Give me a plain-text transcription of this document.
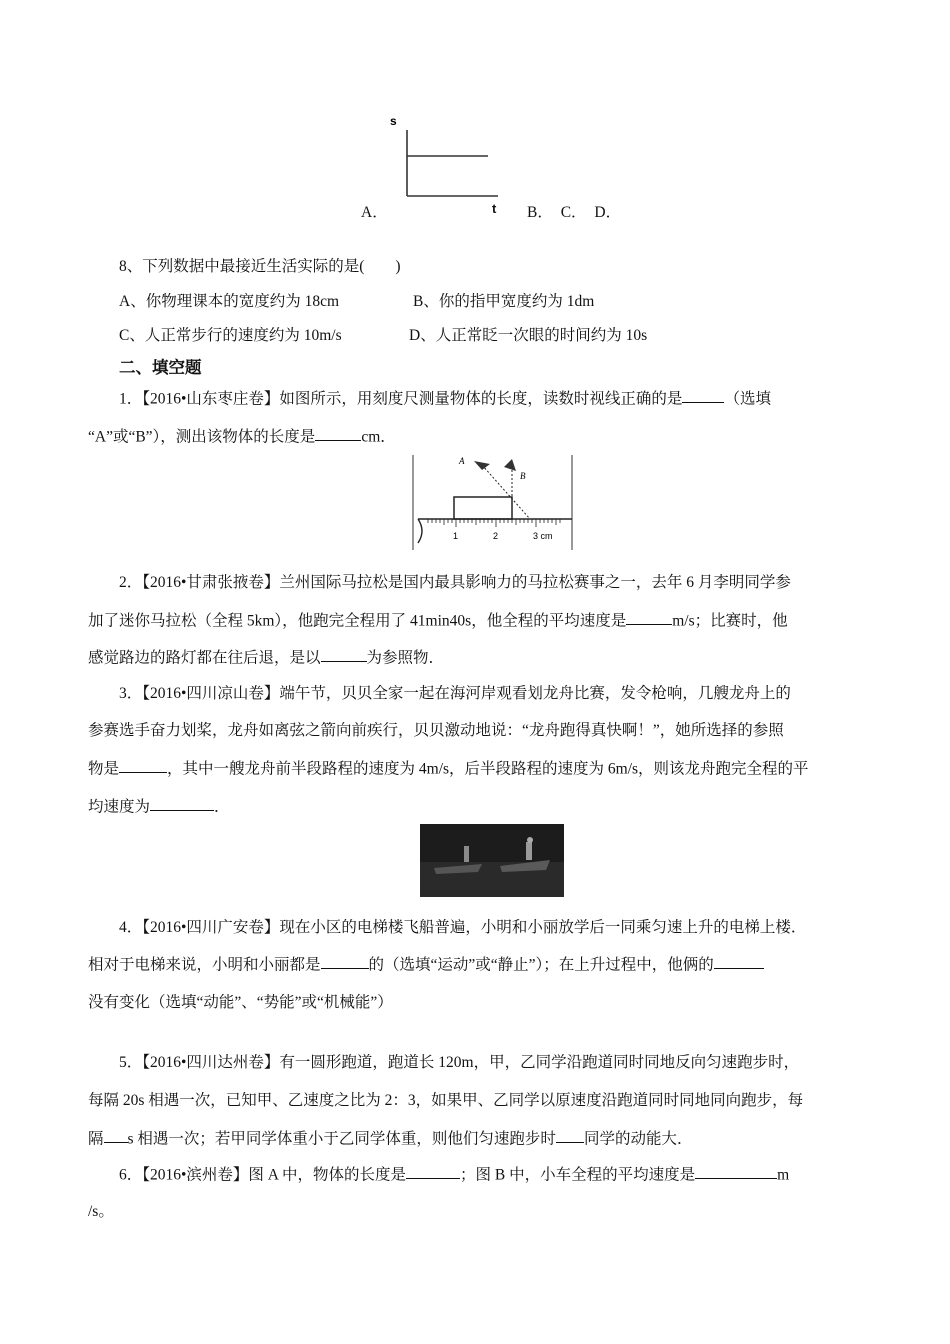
s
A．	t B． C． D．
8、下列数据中最接近生活实际的是(　　)
A、你物理课本的宽度约为 18cm	B、你的指甲宽度约为 1dm
C、人正常步行的速度约为 10m/s	D、人正常眨一次眼的时间约为 10s
二、填空题
1．【2016•山东枣庄卷】如图所示，用刻度尺测量物体的长度，读数时视线正确的是	（选填
“A”或“B”），测出该物体的长度是	cm．
A
B
1	2	3 cm
2．【2016•甘肃张掖卷】兰州国际马拉松是国内最具影响力的马拉松赛事之一，去年 6 月李明同学参
加了迷你马拉松（全程 5km），他跑完全程用了 41min40s，他全程的平均速度是	m/s；比赛时，他
感觉路边的路灯都在往后退，是以	为参照物．
3．【2016•四川凉山卷】端午节，贝贝全家一起在海河岸观看划龙舟比赛，发令枪响，几艘龙舟上的
参赛选手奋力划桨，龙舟如离弦之箭向前疾行，贝贝激动地说：“龙舟跑得真快啊！”，她所选择的参照
物是	，其中一艘龙舟前半段路程的速度为 4m/s，后半段路程的速度为 6m/s，则该龙舟跑完全程的平
均速度为	．
4．【2016•四川广安卷】现在小区的电梯楼飞船普遍，小明和小丽放学后一同乘匀速上升的电梯上楼．
相对于电梯来说，小明和小丽都是	的（选填“运动”或“静止”）；在上升过程中，他俩的
没有变化（选填“动能”、“势能”或“机械能”）
5．【2016•四川达州卷】有一圆形跑道，跑道长 120m，甲，乙同学沿跑道同时同地反向匀速跑步时，
每隔 20s 相遇一次，已知甲、乙速度之比为 2：3，如果甲、乙同学以原速度沿跑道同时同地同向跑步，每
隔 s 相遇一次；若甲同学体重小于乙同学体重，则他们匀速跑步时 同学的动能大．
6．【2016•滨州卷】图 A 中，物体的长度是	；图 B 中，小车全程的平均速度是	m
/s。
